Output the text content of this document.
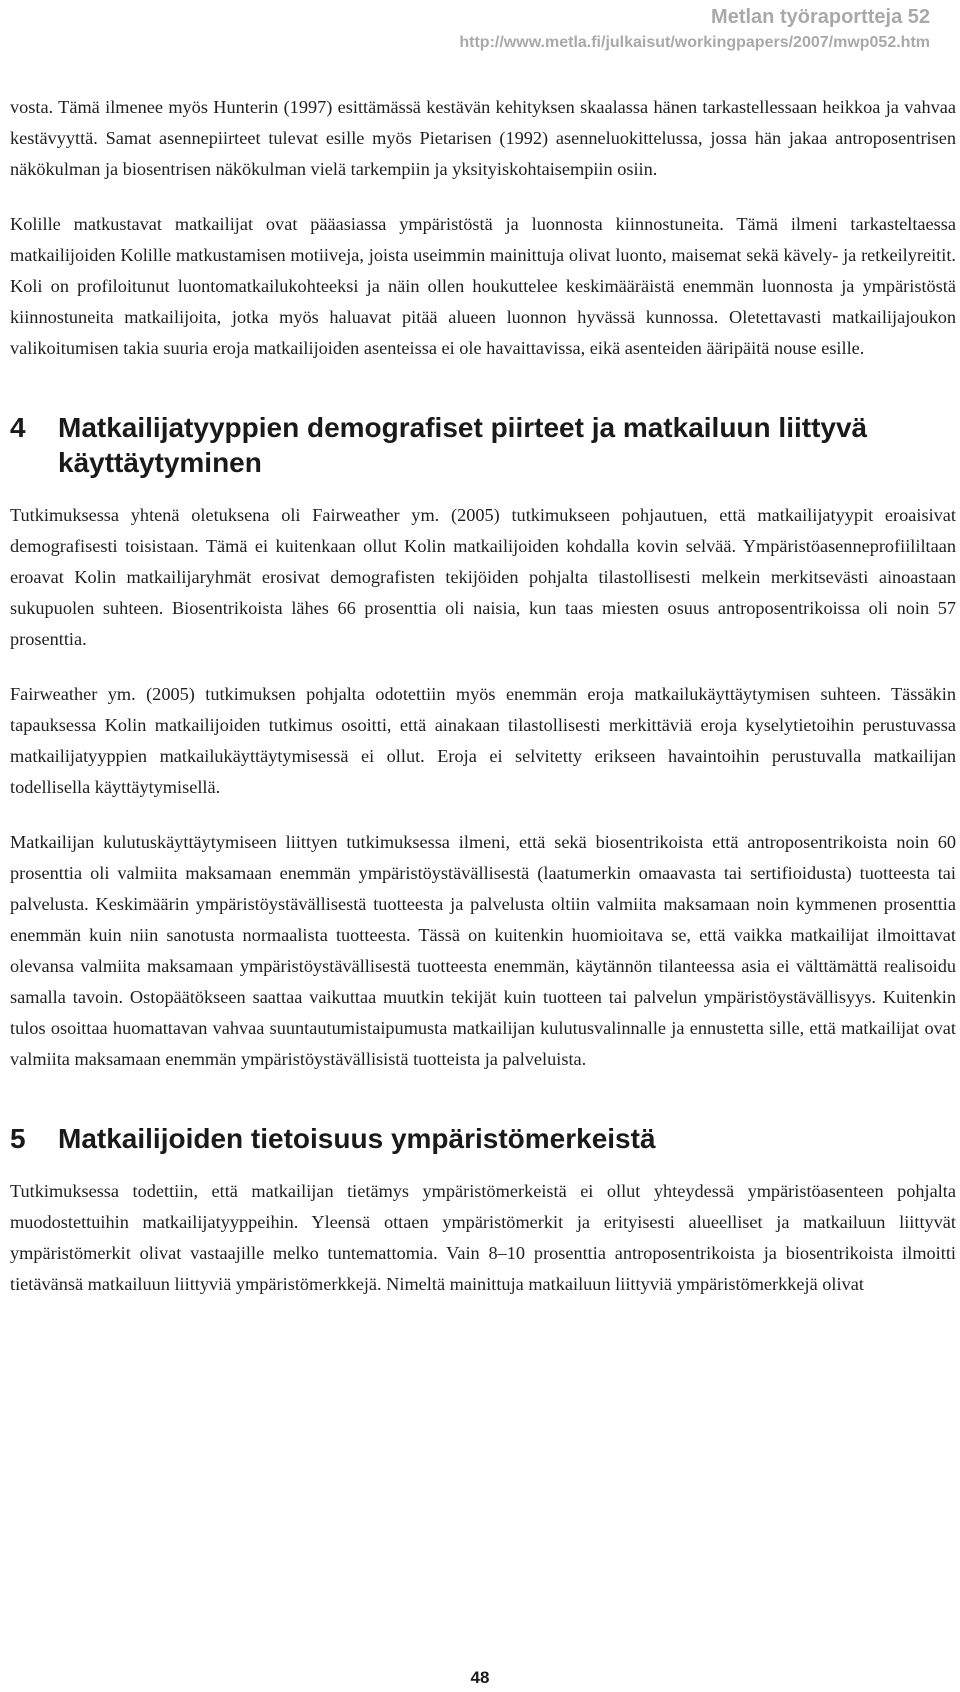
Metlan työraportteja 52
http://www.metla.fi/julkaisut/workingpapers/2007/mwp052.htm

vosta. Tämä ilmenee myös Hunterin (1997) esittämässä kestävän kehityksen skaalassa hänen tarkastellessaan heikkoa ja vahvaa kestävyyttä. Samat asennepiirteet tulevat esille myös Pietarisen (1992) asenneluokittelussa, jossa hän jakaa antroposentrisen näkökulman ja biosentrisen näkökulman vielä tarkempiin ja yksityiskohtaisempiin osiin.

Kolille matkustavat matkailijat ovat pääasiassa ympäristöstä ja luonnosta kiinnostuneita. Tämä ilmeni tarkasteltaessa matkailijoiden Kolille matkustamisen motiiveja, joista useimmin mainittuja olivat luonto, maisemat sekä kävely- ja retkeilyreitit. Koli on profiloitunut luontomatkailukohteeksi ja näin ollen houkuttelee keskimääräistä enemmän luonnosta ja ympäristöstä kiinnostuneita matkailijoita, jotka myös haluavat pitää alueen luonnon hyvässä kunnossa. Oletettavasti matkailijajoukon valikoitumisen takia suuria eroja matkailijoiden asenteissa ei ole havaittavissa, eikä asenteiden ääripäitä nouse esille.

4	Matkailijatyyppien demografiset piirteet ja matkailuun liittyvä käyttäytyminen

Tutkimuksessa yhtenä oletuksena oli Fairweather ym. (2005) tutkimukseen pohjautuen, että matkailijatyypit eroaisivat demografisesti toisistaan. Tämä ei kuitenkaan ollut Kolin matkailijoiden kohdalla kovin selvää. Ympäristöasenneprofiililtaan eroavat Kolin matkailijaryhmät erosivat demografisten tekijöiden pohjalta tilastollisesti melkein merkitsevästi ainoastaan sukupuolen suhteen. Biosentrikoista lähes 66 prosenttia oli naisia, kun taas miesten osuus antroposentrikoissa oli noin 57 prosenttia.

Fairweather ym. (2005) tutkimuksen pohjalta odotettiin myös enemmän eroja matkailukäyttäytymisen suhteen. Tässäkin tapauksessa Kolin matkailijoiden tutkimus osoitti, että ainakaan tilastollisesti merkittäviä eroja kyselytietoihin perustuvassa matkailijatyyppien matkailukäyttäytymisessä ei ollut. Eroja ei selvitetty erikseen havaintoihin perustuvalla matkailijan todellisella käyttäytymisellä.

Matkailijan kulutuskäyttäytymiseen liittyen tutkimuksessa ilmeni, että sekä biosentrikoista että antroposentrikoista noin 60 prosenttia oli valmiita maksamaan enemmän ympäristöystävällisestä (laatumerkin omaavasta tai sertifioidusta) tuotteesta tai palvelusta. Keskimäärin ympäristöystävällisestä tuotteesta ja palvelusta oltiin valmiita maksamaan noin kymmenen prosenttia enemmän kuin niin sanotusta normaalista tuotteesta. Tässä on kuitenkin huomioitava se, että vaikka matkailijat ilmoittavat olevansa valmiita maksamaan ympäristöystävällisestä tuotteesta enemmän, käytännön tilanteessa asia ei välttämättä realisoidu samalla tavoin. Ostopäätökseen saattaa vaikuttaa muutkin tekijät kuin tuotteen tai palvelun ympäristöystävällisyys. Kuitenkin tulos osoittaa huomattavan vahvaa suuntautumistaipumusta matkailijan kulutusvalinnalle ja ennustetta sille, että matkailijat ovat valmiita maksamaan enemmän ympäristöystävällisistä tuotteista ja palveluista.

5	Matkailijoiden tietoisuus ympäristömerkeistä

Tutkimuksessa todettiin, että matkailijan tietämys ympäristömerkeistä ei ollut yhteydessä ympäristöasenteen pohjalta muodostettuihin matkailijatyyppeihin. Yleensä ottaen ympäristömerkit ja erityisesti alueelliset ja matkailuun liittyvät ympäristömerkit olivat vastaajille melko tuntemattomia. Vain 8–10 prosenttia antroposentrikoista ja biosentrikoista ilmoitti tietävänsä matkailuun liittyviä ympäristömerkkejä. Nimeltä mainittuja matkailuun liittyviä ympäristömerkkejä olivat

48
